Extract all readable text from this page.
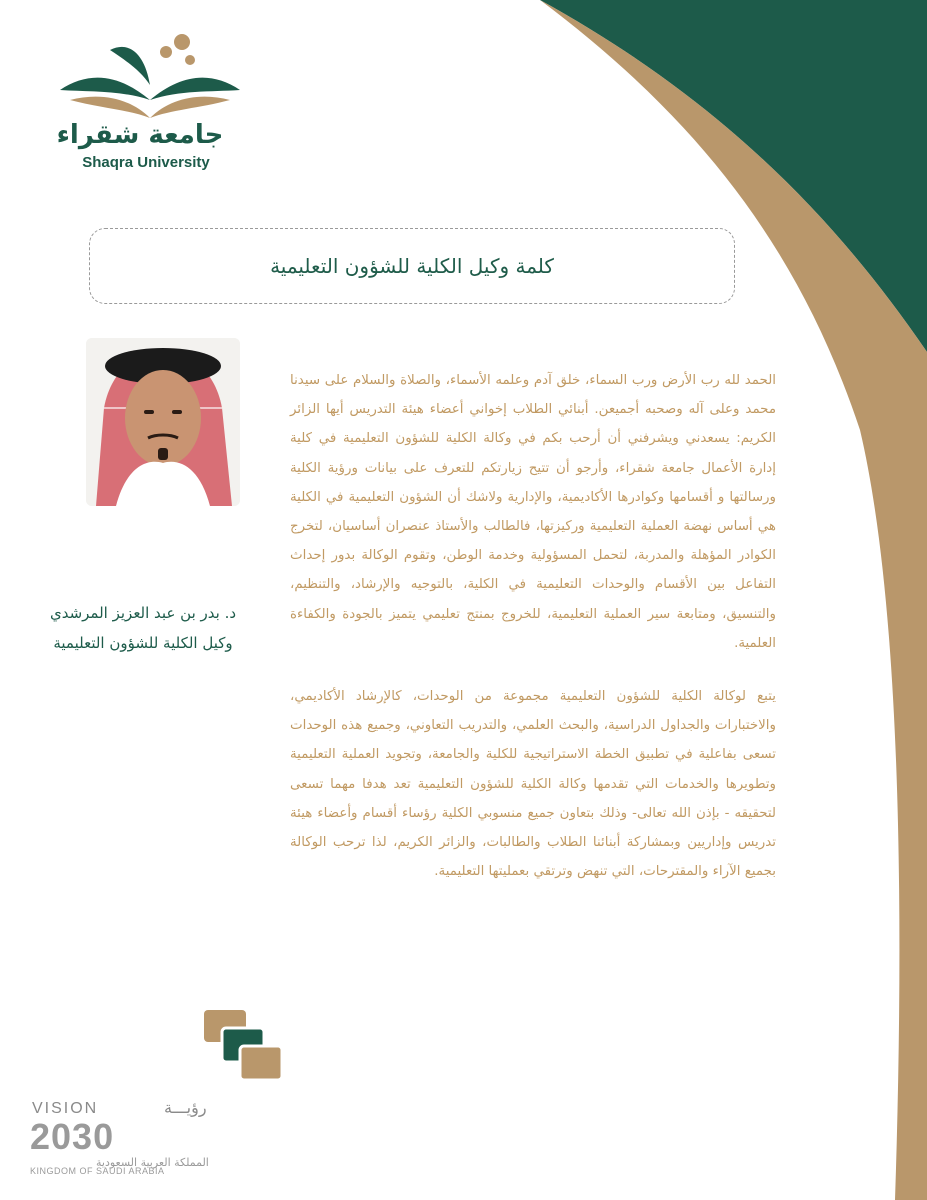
جامعة شقراء
Shaqra University
كلمة وكيل الكلية للشؤون التعليمية
د. بدر بن عبد العزيز المرشدي
وكيل الكلية للشؤون التعليمية

الحمد لله رب الأرض ورب السماء، خلق آدم وعلمه الأسماء، والصلاة والسلام على سيدنا محمد وعلى آله وصحبه أجميعن. أبنائي الطلاب إخواني أعضاء هيئة التدريس أيها الزائر الكريم: يسعدني ويشرفني أن أرحب بكم في وكالة الكلية للشؤون التعليمية في كلية إدارة الأعمال جامعة شقراء، وأرجو أن تتيح زيارتكم للتعرف على بيانات ورؤية الكلية ورسالتها و أقسامها وكوادرها الأكاديمية، والإدارية ولاشك أن الشؤون التعليمية في الكلية هي أساس نهضة العملية التعليمية وركيزتها، فالطالب والأستاذ عنصران أساسيان، لتخرج الكوادر المؤهلة والمدربة، لتحمل المسؤولية وخدمة الوطن، وتقوم الوكالة بدور إحداث التفاعل بين الأقسام والوحدات التعليمية في الكلية، بالتوجيه والإرشاد، والتنظيم، والتنسيق، ومتابعة سير العملية التعليمية، للخروج بمنتج تعليمي يتميز بالجودة والكفاءة العلمية.

يتبع لوكالة الكلية للشؤون التعليمية مجموعة من الوحدات، كالإرشاد الأكاديمي، والاختبارات والجداول الدراسية، والبحث العلمي، والتدريب التعاوني، وجميع هذه الوحدات تسعى بفاعلية في تطبيق الخطة الاستراتيجية للكلية والجامعة، وتجويد العملية التعليمية وتطويرها والخدمات التي تقدمها وكالة الكلية للشؤون التعليمية تعد هدفا مهما تسعى لتحقيقه - بإذن الله تعالى- وذلك بتعاون جميع منسوبي الكلية رؤساء أقسام وأعضاء هيئة تدريس وإداريين وبمشاركة أبنائنا الطلاب والطالبات، والزائر الكريم، لذا ترحب الوكالة بجميع الآراء والمقترحات، التي تنهض وترتقي بعمليتها التعليمية.

VISION	رؤيـــة
2030
المملكة العربية السعودية
KINGDOM OF SAUDI ARABIA
